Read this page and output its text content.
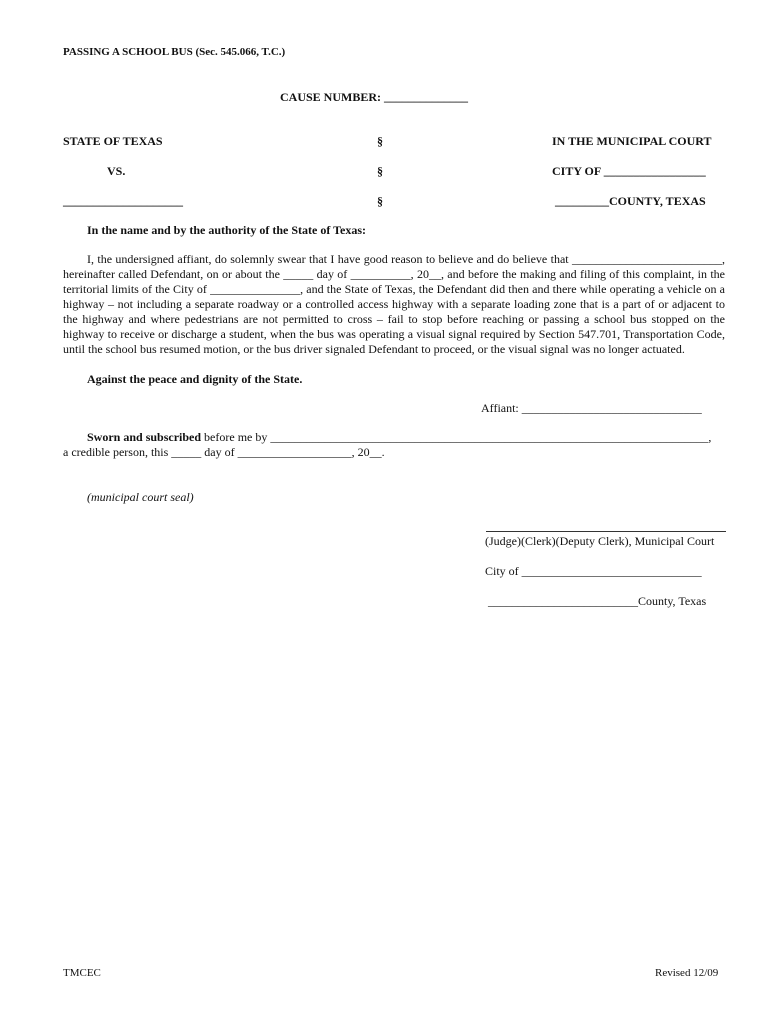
PASSING A SCHOOL BUS (Sec. 545.066, T.C.)
CAUSE NUMBER: ______________
STATE OF TEXAS
VS.
____________________
§
§
§
IN THE MUNICIPAL COURT
CITY OF _________________
_________COUNTY, TEXAS
In the name and by the authority of the State of Texas:
I, the undersigned affiant, do solemnly swear that I have good reason to believe and do believe that _________________________, hereinafter called Defendant, on or about the _____ day of __________, 20__, and before the making and filing of this complaint, in the territorial limits of the City of _______________, and the State of Texas, the Defendant did then and there while operating a vehicle on a highway – not including a separate roadway or a controlled access highway with a separate loading zone that is a part of or adjacent to the highway and where pedestrians are not permitted to cross – fail to stop before reaching or passing a school bus stopped on the highway to receive or discharge a student, when the bus was operating a visual signal required by Section 547.701, Transportation Code, until the school bus resumed motion, or the bus driver signaled Defendant to proceed, or the visual signal was no longer actuated.
Against the peace and dignity of the State.
Affiant: ______________________________
Sworn and subscribed before me by _________________________________________________________________________,
a credible person, this _____ day of ___________________, 20__.
(municipal court seal)
(Judge)(Clerk)(Deputy Clerk), Municipal Court
City of ______________________________
_________________________County, Texas
TMCEC	Revised 12/09
